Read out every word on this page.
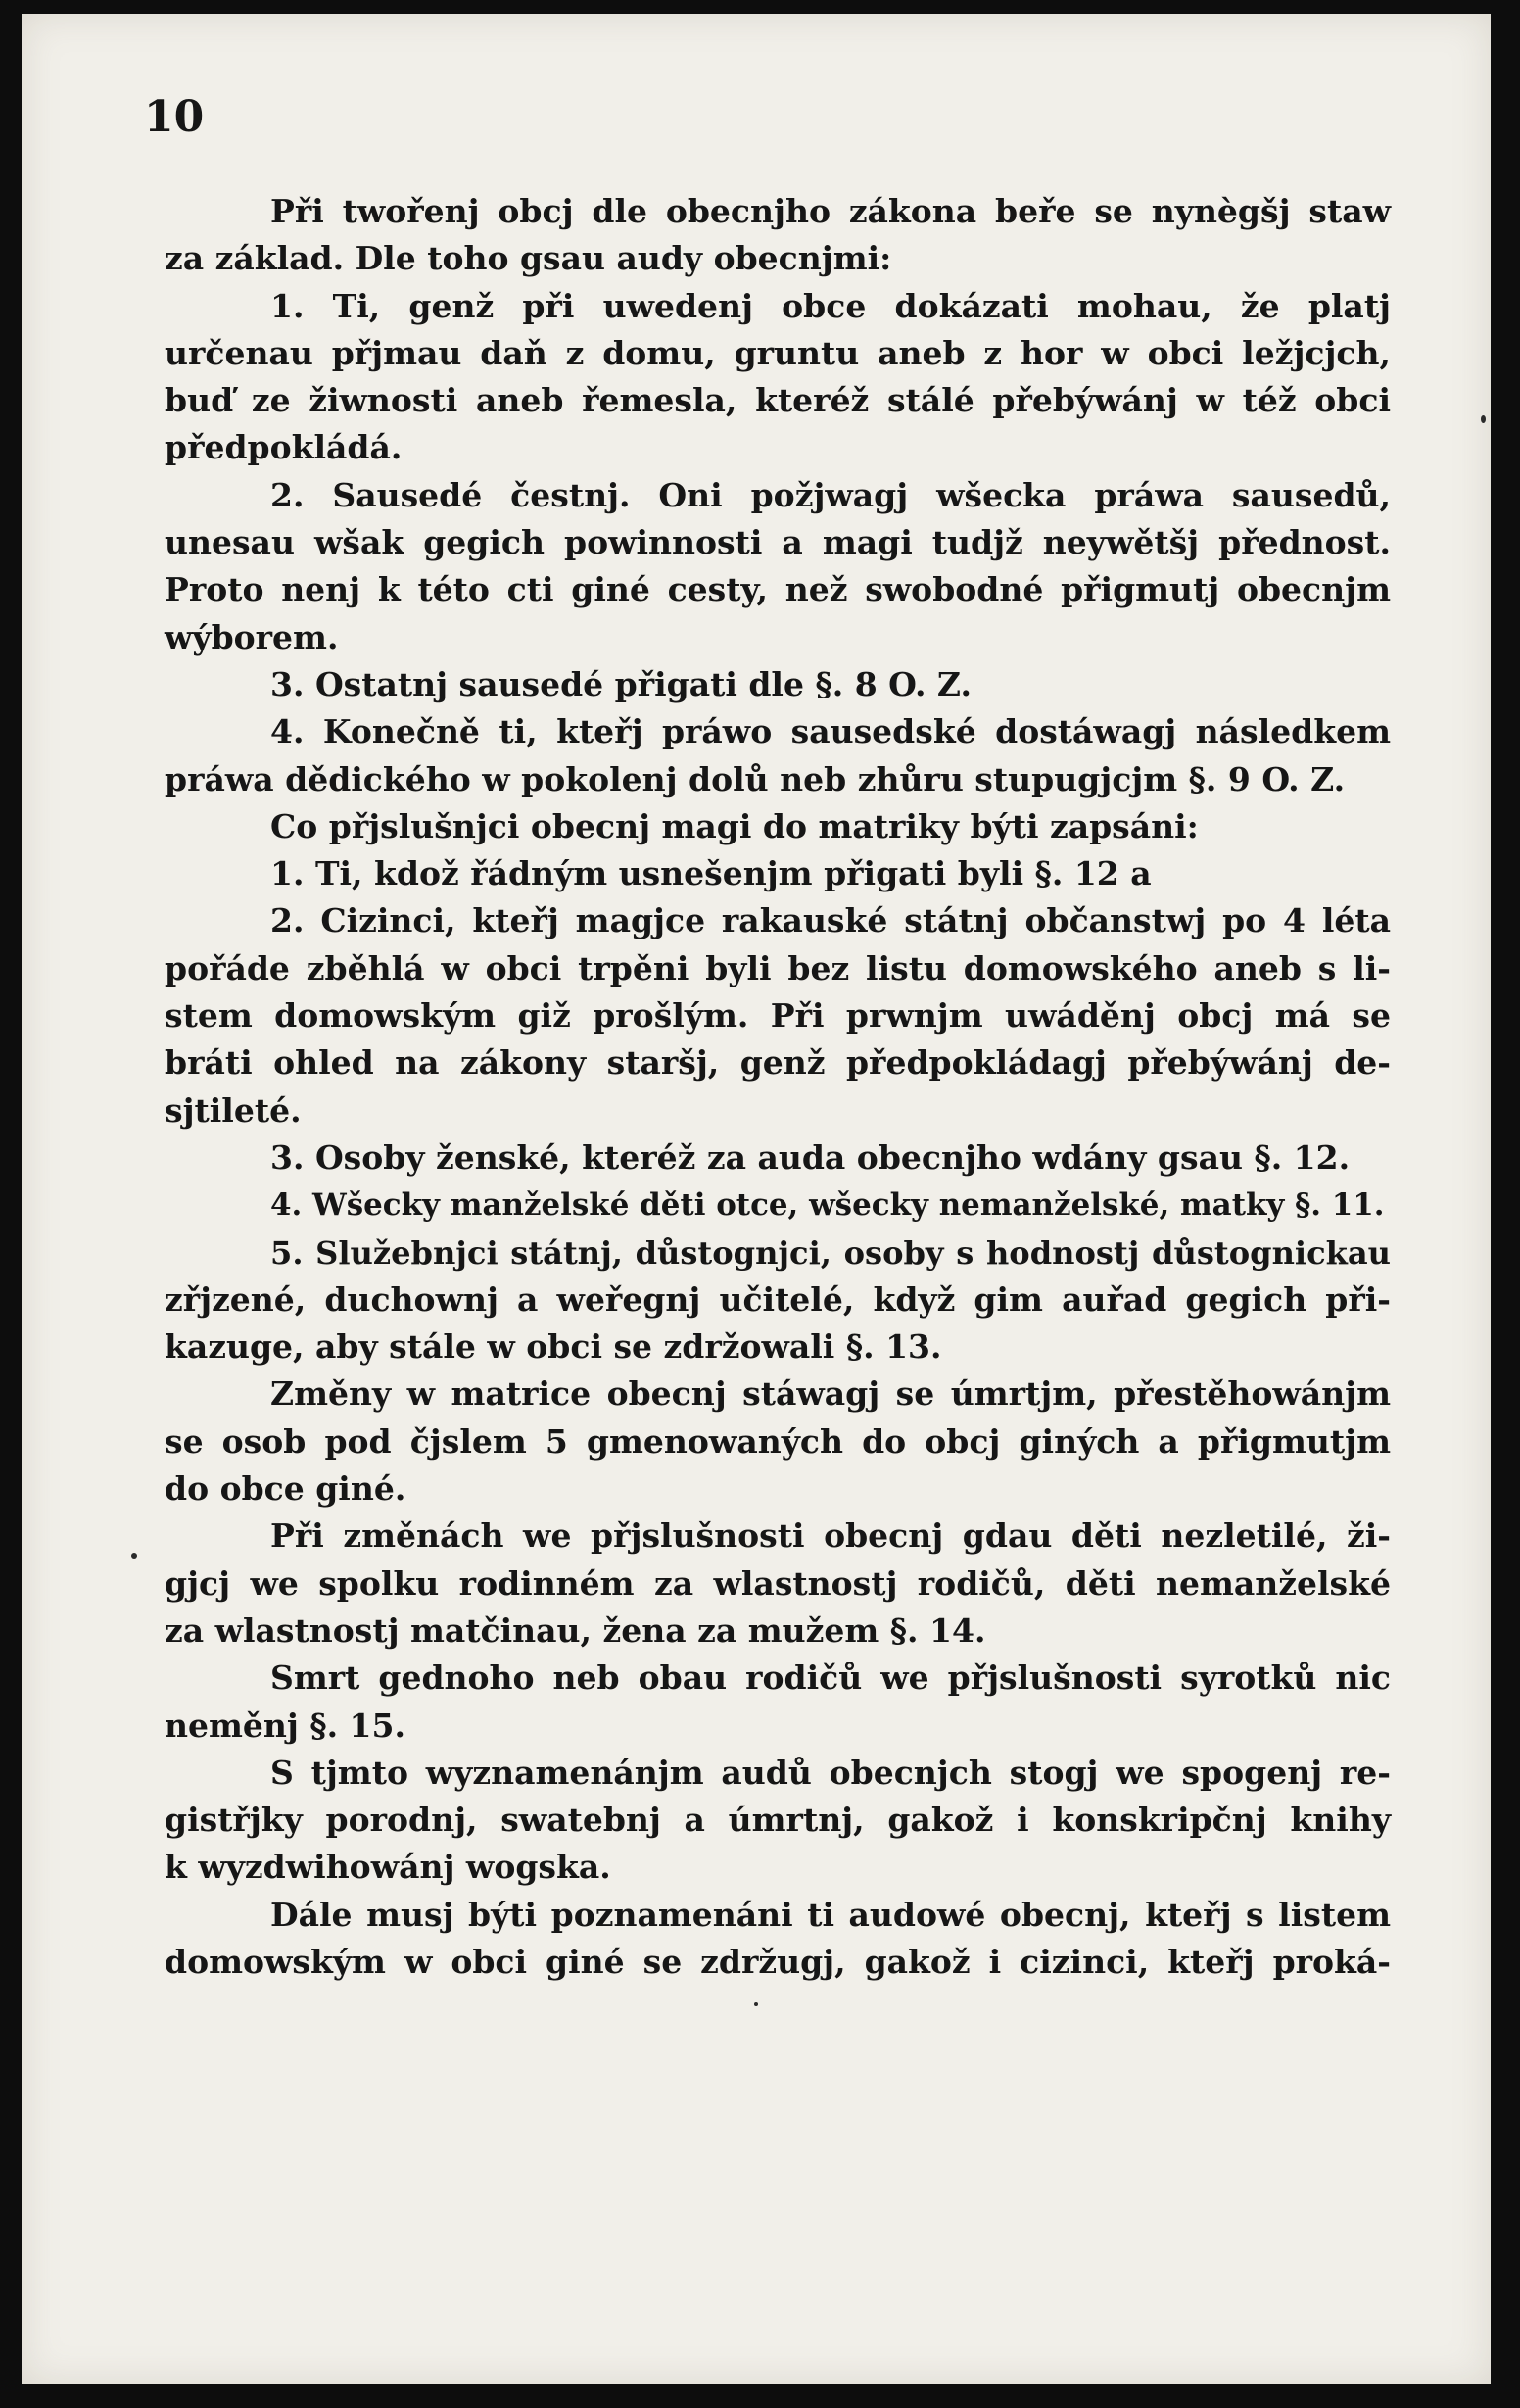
10

Při twořenj obcj dle obecnjho zákona beře se nynègšj staw
za základ. Dle toho gsau audy obecnjmi:
1. Ti, genž při uwedenj obce dokázati mohau, že platj
určenau přjmau daň z domu, gruntu aneb z hor w obci ležjcjch,
buď ze žiwnosti aneb řemesla, kteréž stálé přebýwánj w též obci
předpokládá.
2. Sausedé čestnj. Oni požjwagj wšecka práwa sausedů,
unesau wšak gegich powinnosti a magi tudjž neywětšj přednost.
Proto nenj k této cti giné cesty, než swobodné přigmutj obecnjm
wýborem.
3. Ostatnj sausedé přigati dle §. 8 O. Z.
4. Konečně ti, kteřj práwo sausedské dostáwagj následkem
práwa dědického w pokolenj dolů neb zhůru stupugjcjm §. 9 O. Z.
Co přjslušnjci obecnj magi do matriky býti zapsáni:
1. Ti, kdož řádným usnešenjm přigati byli §. 12 a
2. Cizinci, kteřj magjce rakauské státnj občanstwj po 4 léta
pořáde zběhlá w obci trpěni byli bez listu domowského aneb s li-
stem domowským giž prošlým. Při prwnjm uwáděnj obcj má se
bráti ohled na zákony staršj, genž předpokládagj přebýwánj de-
sjtileté.
3. Osoby ženské, kteréž za auda obecnjho wdány gsau §. 12.
4. Wšecky manželské děti otce, wšecky nemanželské, matky §. 11.
5. Služebnjci státnj, důstognjci, osoby s hodnostj důstognickau
zřjzené, duchownj a weřegnj učitelé, když gim auřad gegich při-
kazuge, aby stále w obci se zdržowali §. 13.
Změny w matrice obecnj stáwagj se úmrtjm, přestěhowánjm
se osob pod čjslem 5 gmenowaných do obcj giných a přigmutjm
do obce giné.
Při změnách we přjslušnosti obecnj gdau děti nezletilé, ži-
gjcj we spolku rodinném za wlastnostj rodičů, děti nemanželské
za wlastnostj matčinau, žena za mužem §. 14.
Smrt gednoho neb obau rodičů we přjslušnosti syrotků nic
neměnj §. 15.
S tjmto wyznamenánjm audů obecnjch stogj we spogenj re-
gistřjky porodnj, swatebnj a úmrtnj, gakož i konskripčnj knihy
k wyzdwihowánj wogska.
Dále musj býti poznamenáni ti audowé obecnj, kteřj s listem
domowským w obci giné se zdržugj, gakož i cizinci, kteřj proká-
